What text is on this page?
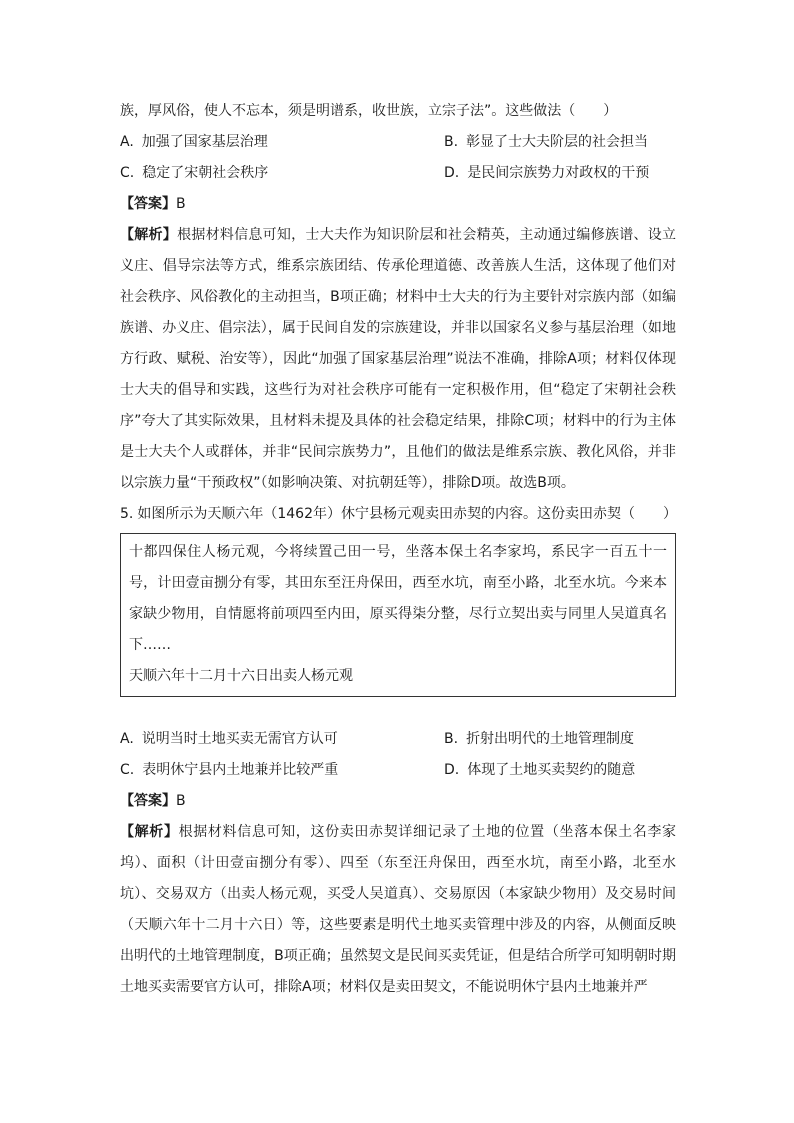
族，厚风俗，使人不忘本，须是明谱系，收世族，立宗子法”。这些做法（　　）
A. 加强了国家基层治理	B. 彰显了士大夫阶层的社会担当
C. 稳定了宋朝社会秩序	D. 是民间宗族势力对政权的干预
【答案】B
【解析】根据材料信息可知，士大夫作为知识阶层和社会精英，主动通过编修族谱、设立义庄、倡导宗法等方式，维系宗族团结、传承伦理道德、改善族人生活，这体现了他们对社会秩序、风俗教化的主动担当，B项正确；材料中士大夫的行为主要针对宗族内部（如编族谱、办义庄、倡宗法），属于民间自发的宗族建设，并非以国家名义参与基层治理（如地方行政、赋税、治安等），因此“加强了国家基层治理”说法不准确，排除A项；材料仅体现士大夫的倡导和实践，这些行为对社会秩序可能有一定积极作用，但“稳定了宋朝社会秩序”夸大了其实际效果，且材料未提及具体的社会稳定结果，排除C项；材料中的行为主体是士大夫个人或群体，并非“民间宗族势力”，且他们的做法是维系宗族、教化风俗，并非以宗族力量“干预政权”（如影响决策、对抗朝廷等），排除D项。故选B项。
5. 如图所示为天顺六年（1462年）休宁县杨元观卖田赤契的内容。这份卖田赤契（　　）
十都四保住人杨元观，今将续置己田一号，坐落本保土名李家坞，系民字一百五十一号，计田壹亩捌分有零，其田东至汪舟保田，西至水坑，南至小路，北至水坑。今来本家缺少物用，自情愿将前项四至内田，原买得柒分整，尽行立契出卖与同里人吴道真名下……
天顺六年十二月十六日出卖人杨元观
A. 说明当时土地买卖无需官方认可	B. 折射出明代的土地管理制度
C. 表明休宁县内土地兼并比较严重	D. 体现了土地买卖契约的随意
【答案】B
【解析】根据材料信息可知，这份卖田赤契详细记录了土地的位置（坐落本保土名李家坞）、面积（计田壹亩捌分有零）、四至（东至汪舟保田，西至水坑，南至小路，北至水坑）、交易双方（出卖人杨元观，买受人吴道真）、交易原因（本家缺少物用）及交易时间（天顺六年十二月十六日）等，这些要素是明代土地买卖管理中涉及的内容，从侧面反映出明代的土地管理制度，B项正确；虽然契文是民间买卖凭证，但是结合所学可知明朝时期土地买卖需要官方认可，排除A项；材料仅是卖田契文，不能说明休宁县内土地兼并严
